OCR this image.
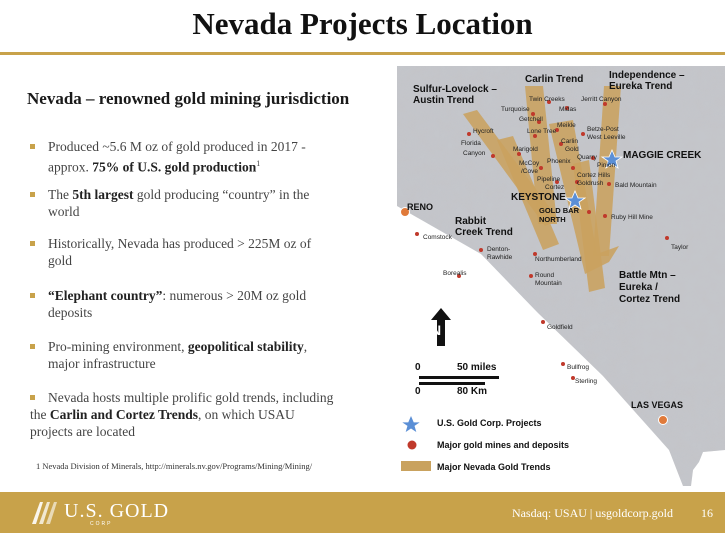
Nevada Projects Location
Nevada – renowned gold mining jurisdiction
Produced ~5.6 M oz of gold produced in 2017 -
approx. 75% of U.S. gold production$^1$
The 5th largest gold producing “country” in the
world
Historically, Nevada has produced > 225M oz of
gold
“Elephant country”: numerous > 20M oz gold
deposits
Pro-mining environment, geopolitical stability,
major infrastructure
Nevada hosts multiple prolific gold trends, including
the Carlin and Cortez Trends, on which USAU
projects are located
1 Nevada Division of Minerals, http://minerals.nv.gov/Programs/Mining/Mining/
Carlin Trend	Independence –
Eureka Trend
Sulfur-Lovelock –
Austin Trend
Rabbit
Creek Trend
Battle Mtn –
Eureka /
Cortez Trend
MAGGIE CREEK
KEYSTONE
RENO
LAS VEGAS
Twin Creeks
Midas
Jerritt Canyon
Turquoise
Getchell
Hycroft	Lone Tree
Meikle
Betze-Post
West Leeville
Carlin
Gold
Quarry
Pinion
Florida
Canyon
Marigold
McCoy
/Cove
Phoenix
Pipeline
Cortez
Cortez Hills
Goldrush Bald Mountain
GOLD BAR
NORTH	Ruby Hill Mine
Comstock
Denton-
Rawhide	Northumberland
Taylor
Borealis	Round
Mountain
Goldfield
Bullfrog
Sterling
N
0	50 miles
0	80 Km
U.S. Gold Corp. Projects
Major gold mines and deposits
Major Nevada Gold Trends
U.S. GOLD
CORP
Nasdaq: USAU | usgoldcorp.gold 16
